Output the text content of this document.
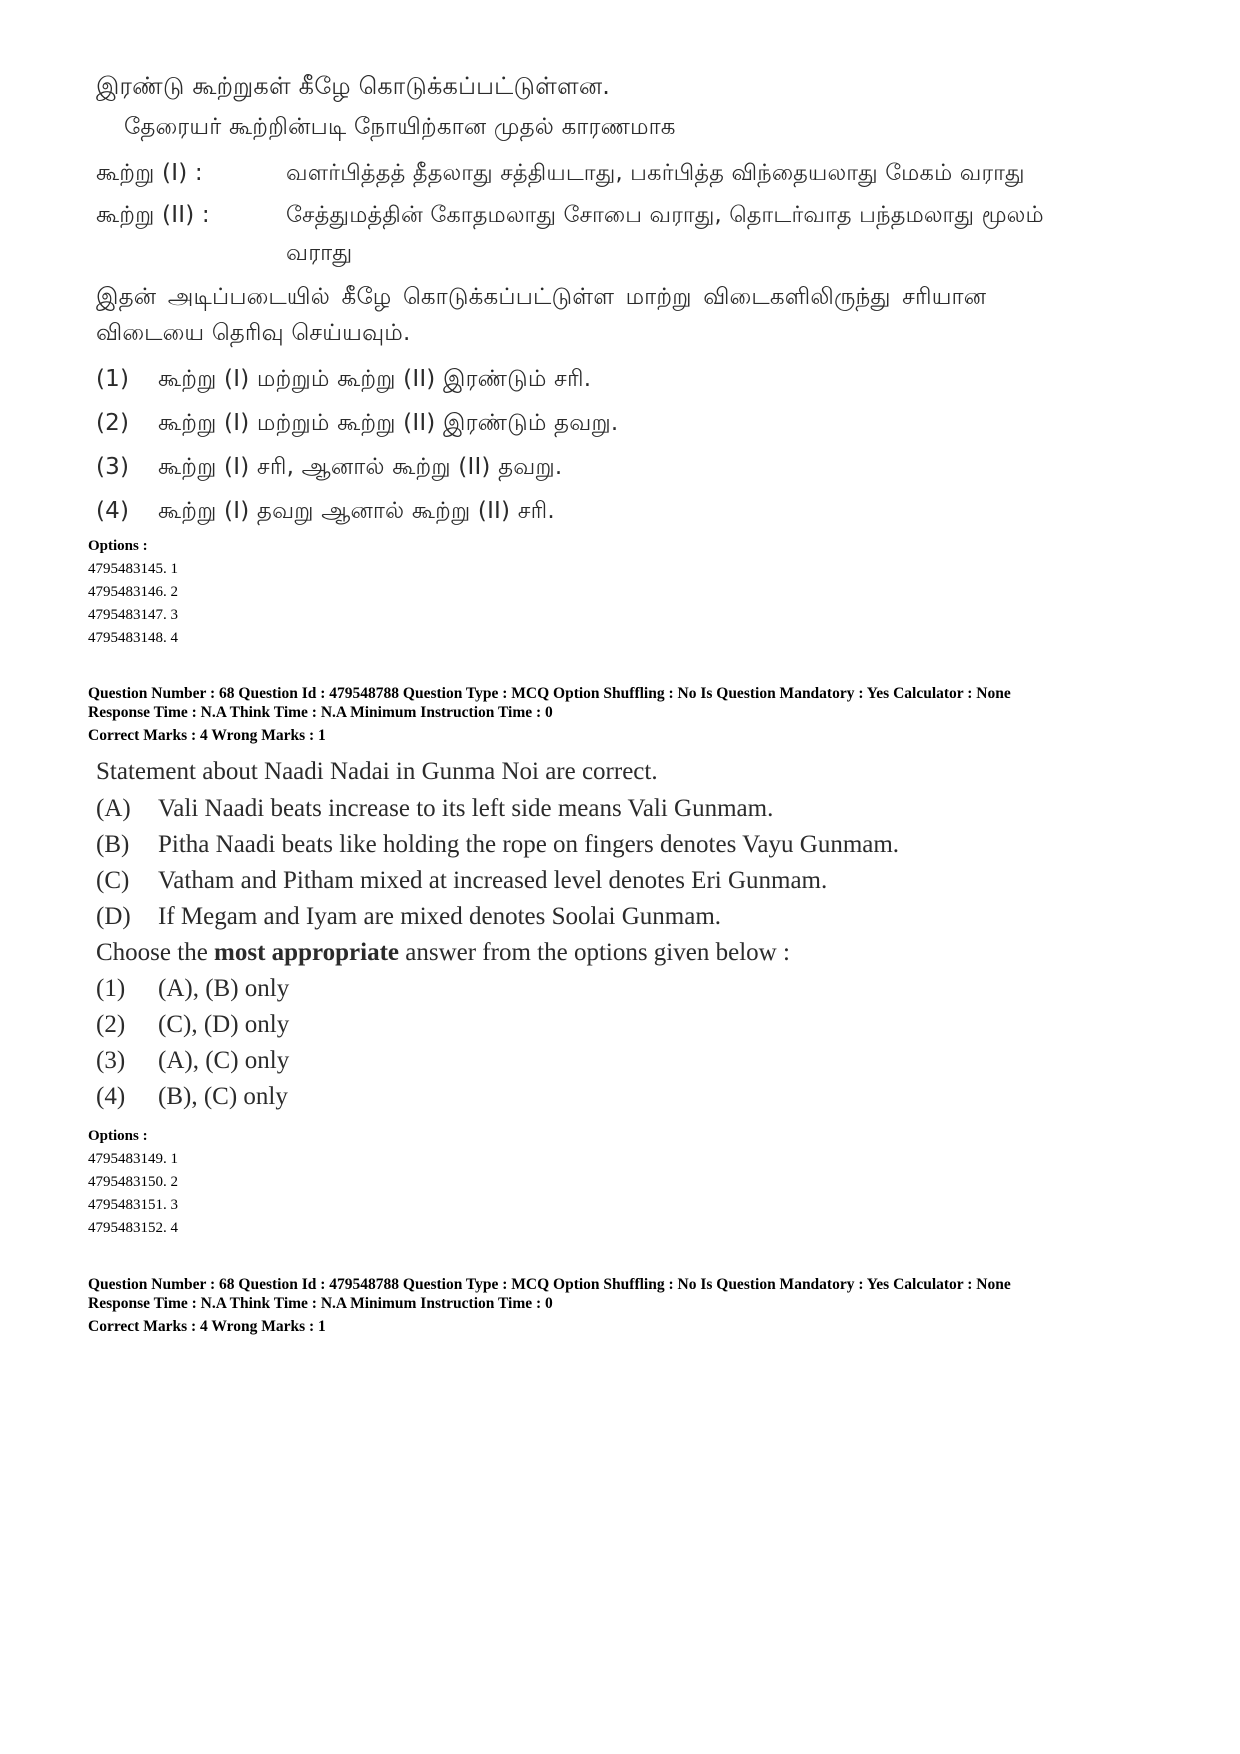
இரண்டு கூற்றுகள் கீழே கொடுக்கப்பட்டுள்ளன.
தேரையர் கூற்றின்படி நோயிற்கான முதல் காரணமாக
கூற்று (I) :	வளர்பித்தத் தீதலாது சத்தியடாது, பகர்பித்த விந்தையலாது மேகம் வராது
கூற்று (II) :	சேத்துமத்தின் கோதமலாது சோபை வராது, தொடர்வாத பந்தமலாது மூலம்
வராது
இதன் அடிப்படையில் கீழே கொடுக்கப்பட்டுள்ள மாற்று விடைகளிலிருந்து சரியான
விடையை தெரிவு செய்யவும்.
(1) கூற்று (I) மற்றும் கூற்று (II) இரண்டும் சரி.
(2) கூற்று (I) மற்றும் கூற்று (II) இரண்டும் தவறு.
(3) கூற்று (I) சரி, ஆனால் கூற்று (II) தவறு.
(4) கூற்று (I) தவறு ஆனால் கூற்று (II) சரி.
Options :
4795483145. 1
4795483146. 2
4795483147. 3
4795483148. 4
Question Number : 68 Question Id : 479548788 Question Type : MCQ Option Shuffling : No Is Question Mandatory : Yes Calculator : None
Response Time : N.A Think Time : N.A Minimum Instruction Time : 0
Correct Marks : 4 Wrong Marks : 1
Statement about Naadi Nadai in Gunma Noi are correct.
(A) Vali Naadi beats increase to its left side means Vali Gunmam.
(B) Pitha Naadi beats like holding the rope on fingers denotes Vayu Gunmam.
(C) Vatham and Pitham mixed at increased level denotes Eri Gunmam.
(D) If Megam and Iyam are mixed denotes Soolai Gunmam.
Choose the most appropriate answer from the options given below :
(1) (A), (B) only
(2) (C), (D) only
(3) (A), (C) only
(4) (B), (C) only
Options :
4795483149. 1
4795483150. 2
4795483151. 3
4795483152. 4
Question Number : 68 Question Id : 479548788 Question Type : MCQ Option Shuffling : No Is Question Mandatory : Yes Calculator : None
Response Time : N.A Think Time : N.A Minimum Instruction Time : 0
Correct Marks : 4 Wrong Marks : 1
